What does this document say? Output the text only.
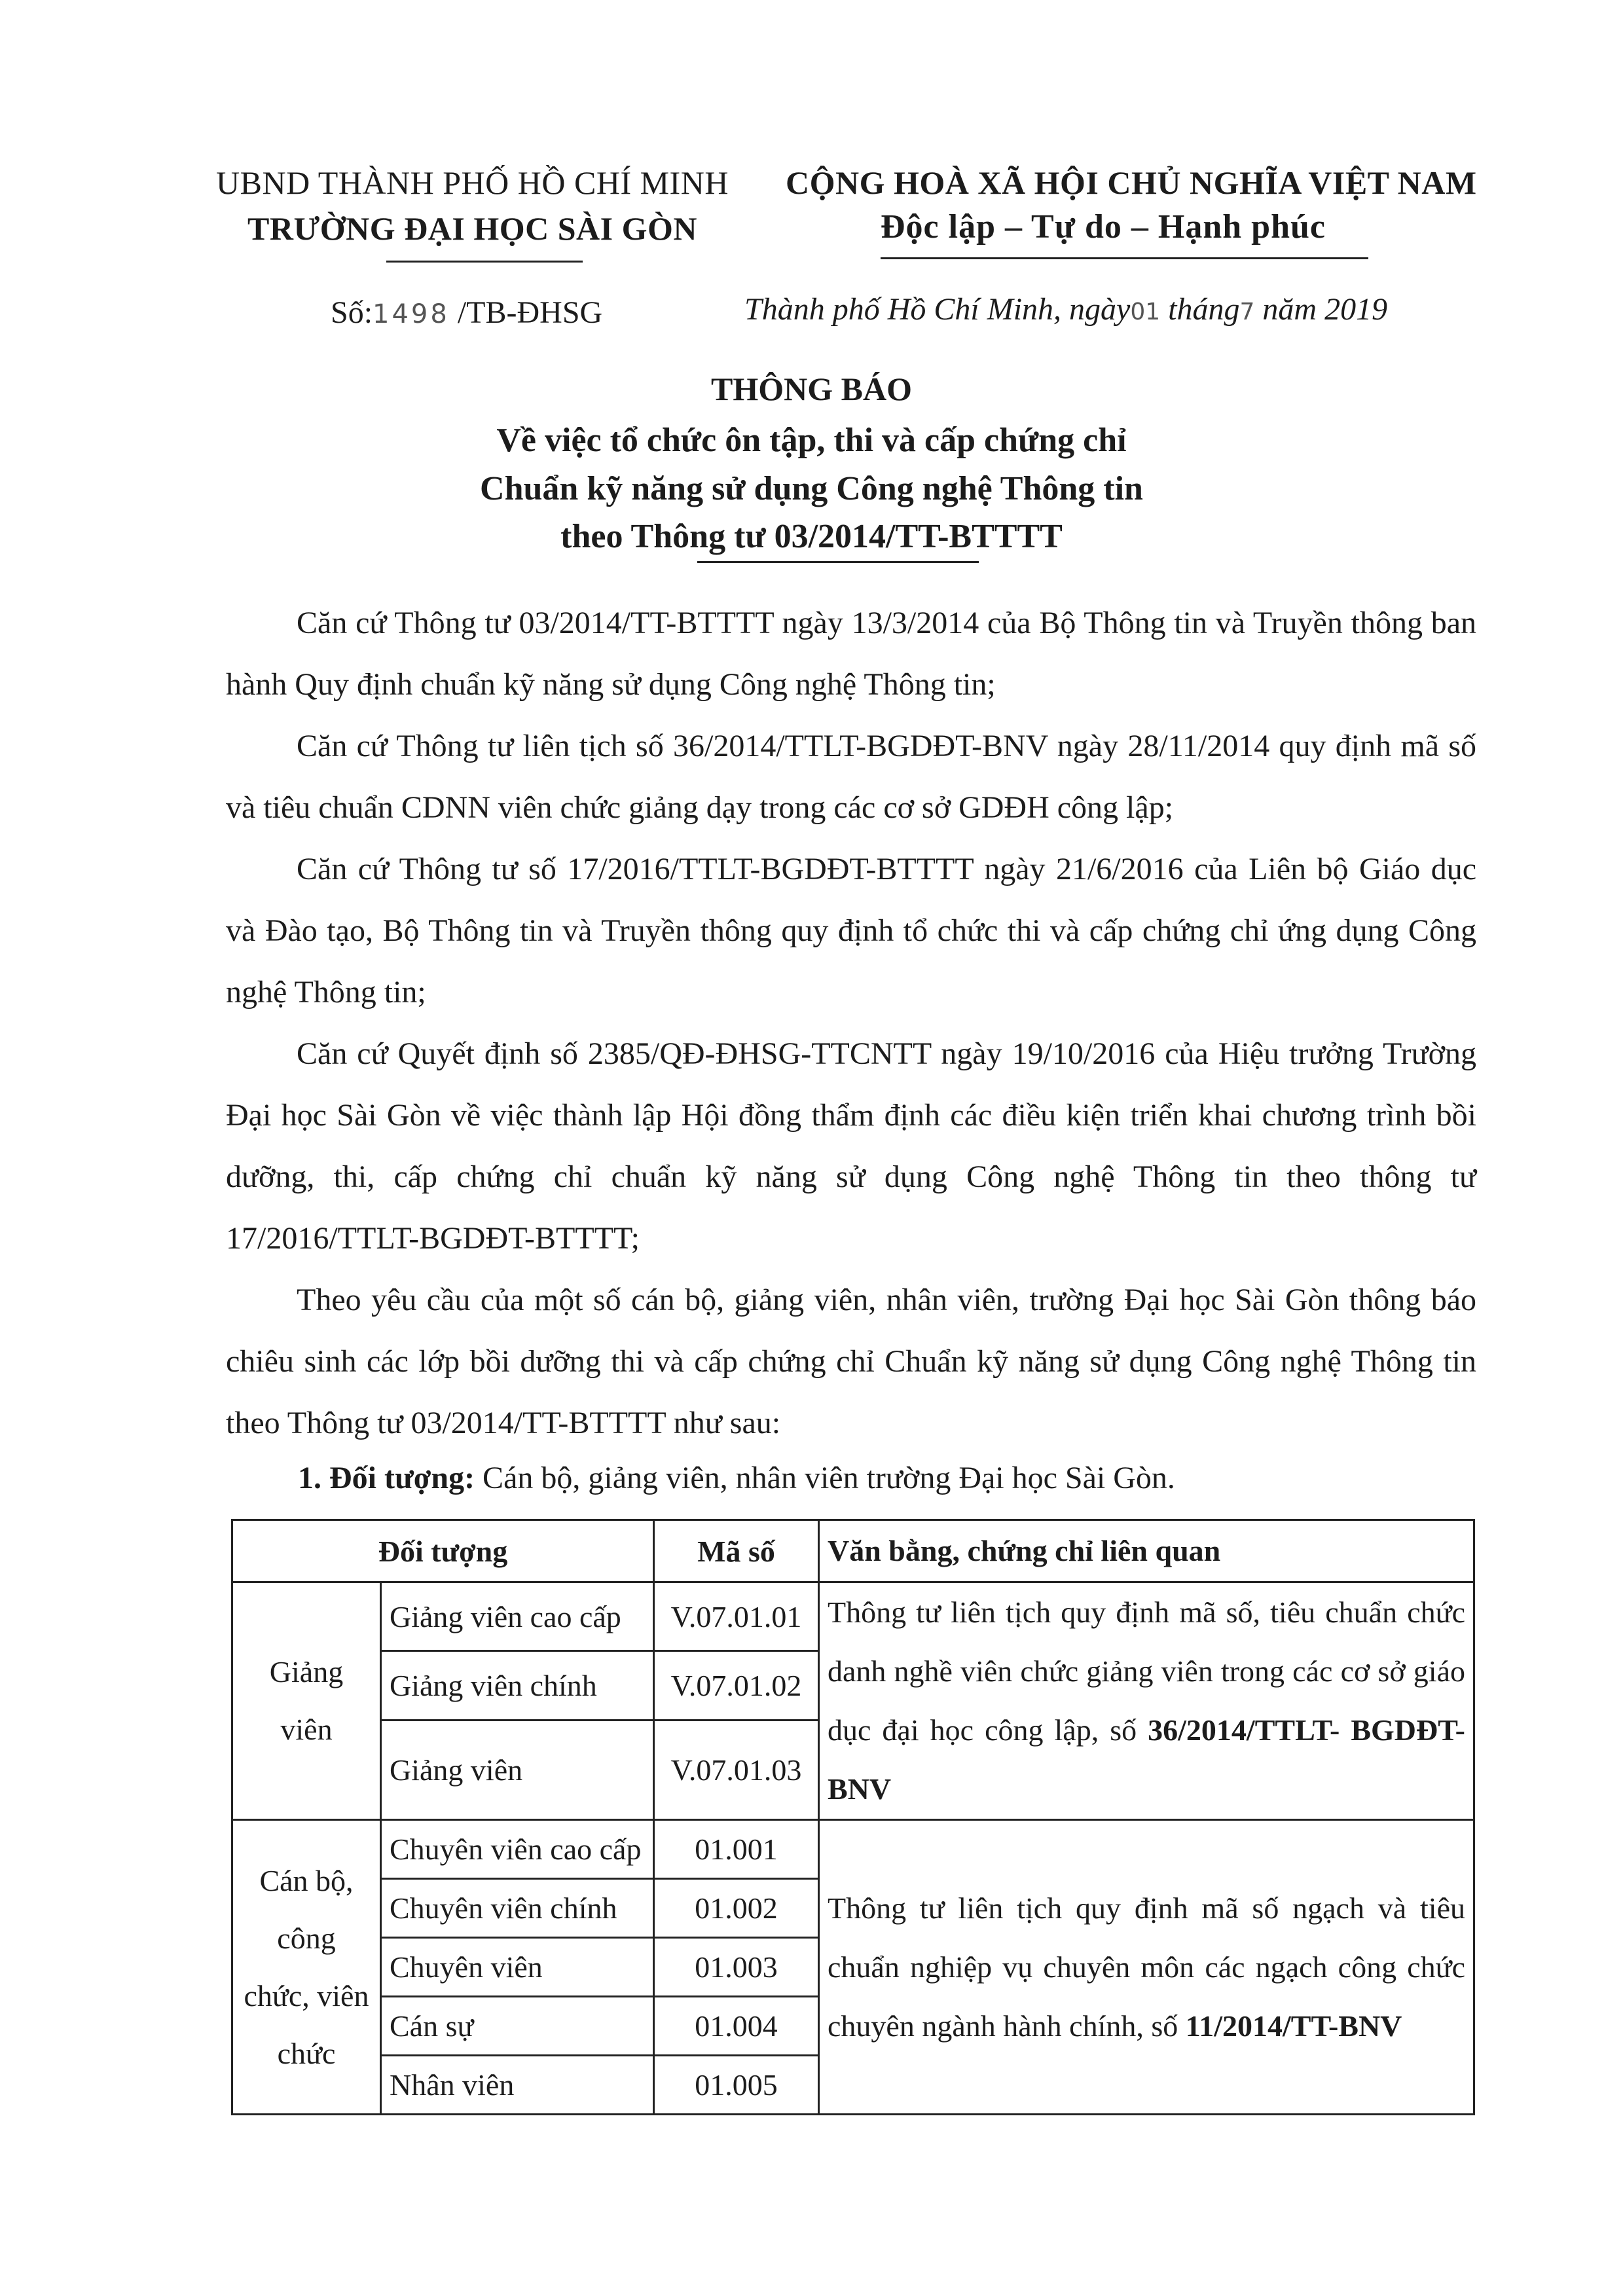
UBND THÀNH PHỐ HỒ CHÍ MINH
TRƯỜNG ĐẠI HỌC SÀI GÒN
CỘNG HOÀ XÃ HỘI CHỦ NGHĨA VIỆT NAM
Độc lập – Tự do – Hạnh phúc
Số:1498 /TB-ĐHSG	Thành phố Hồ Chí Minh, ngày01 tháng7 năm 2019
THÔNG BÁO
Về việc tổ chức ôn tập, thi và cấp chứng chỉ
Chuẩn kỹ năng sử dụng Công nghệ Thông tin
theo Thông tư 03/2014/TT-BTTTT
Căn cứ Thông tư 03/2014/TT-BTTTT ngày 13/3/2014 của Bộ Thông tin và Truyền thông ban hành Quy định chuẩn kỹ năng sử dụng Công nghệ Thông tin;
Căn cứ Thông tư liên tịch số 36/2014/TTLT-BGDĐT-BNV ngày 28/11/2014 quy định mã số và tiêu chuẩn CDNN viên chức giảng dạy trong các cơ sở GDĐH công lập;
Căn cứ Thông tư số 17/2016/TTLT-BGDĐT-BTTTT ngày 21/6/2016 của Liên bộ Giáo dục và Đào tạo, Bộ Thông tin và Truyền thông quy định tổ chức thi và cấp chứng chỉ ứng dụng Công nghệ Thông tin;
Căn cứ Quyết định số 2385/QĐ-ĐHSG-TTCNTT ngày 19/10/2016 của Hiệu trưởng Trường Đại học Sài Gòn về việc thành lập Hội đồng thẩm định các điều kiện triển khai chương trình bồi dưỡng, thi, cấp chứng chỉ chuẩn kỹ năng sử dụng Công nghệ Thông tin theo thông tư 17/2016/TTLT-BGDĐT-BTTTT;
Theo yêu cầu của một số cán bộ, giảng viên, nhân viên, trường Đại học Sài Gòn thông báo chiêu sinh các lớp bồi dưỡng thi và cấp chứng chỉ Chuẩn kỹ năng sử dụng Công nghệ Thông tin theo Thông tư 03/2014/TT-BTTTT như sau:
1. Đối tượng: Cán bộ, giảng viên, nhân viên trường Đại học Sài Gòn.
Đối tượng		Mã số	Văn bằng, chứng chỉ liên quan
Giảng viên	Giảng viên cao cấp	V.07.01.01	Thông tư liên tịch quy định mã số, tiêu chuẩn chức danh nghề viên chức giảng viên trong các cơ sở giáo dục đại học công lập, số 36/2014/TTLT- BGDĐT-BNV
	Giảng viên chính	V.07.01.02	
	Giảng viên	V.07.01.03	
Cán bộ, công chức, viên chức	Chuyên viên cao cấp	01.001	Thông tư liên tịch quy định mã số ngạch và tiêu chuẩn nghiệp vụ chuyên môn các ngạch công chức chuyên ngành hành chính, số 11/2014/TT-BNV
	Chuyên viên chính	01.002	
	Chuyên viên	01.003	
	Cán sự	01.004	
	Nhân viên	01.005	
